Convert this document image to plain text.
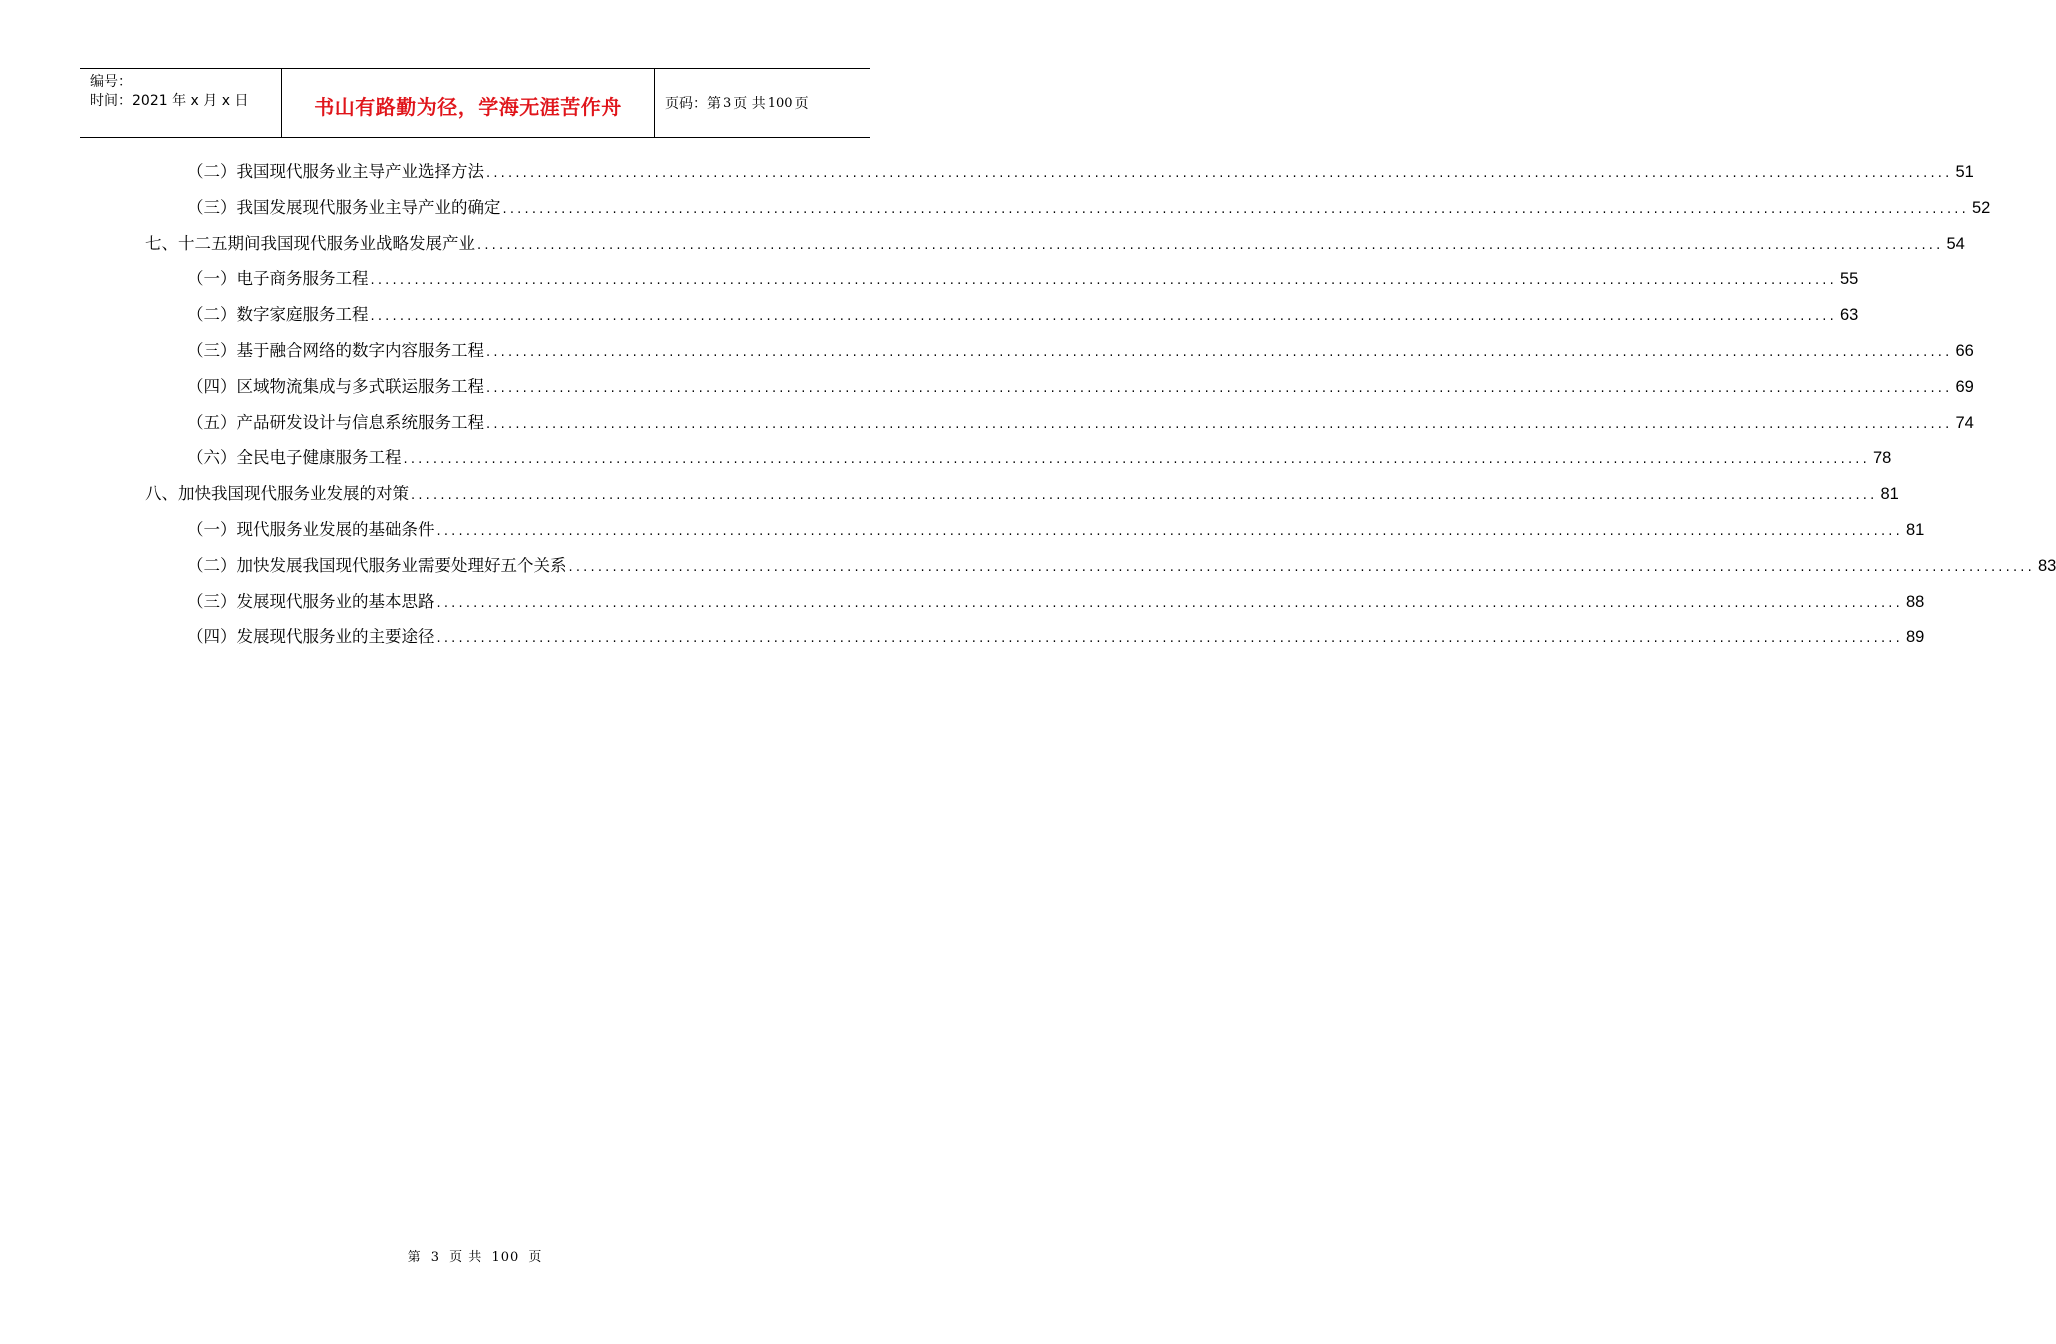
编号：
时间：2021 年 x 月 x 日	书山有路勤为径，学海无涯苦作舟	页码：第 3 页 共 100 页
（二）我国现代服务业主导产业选择方法 ........................................................................................................................................................................................................ 51
（三）我国发展现代服务业主导产业的确定 ........................................................................................................................................................................................................ 52
七、十二五期间我国现代服务业战略发展产业 ........................................................................................................................................................................................................ 54
（一）电子商务服务工程 ........................................................................................................................................................................................................ 55
（二）数字家庭服务工程 ........................................................................................................................................................................................................ 63
（三）基于融合网络的数字内容服务工程 ........................................................................................................................................................................................................ 66
（四）区域物流集成与多式联运服务工程 ........................................................................................................................................................................................................ 69
（五）产品研发设计与信息系统服务工程 ........................................................................................................................................................................................................ 74
（六）全民电子健康服务工程 ........................................................................................................................................................................................................ 78
八、加快我国现代服务业发展的对策 ........................................................................................................................................................................................................ 81
（一）现代服务业发展的基础条件 ........................................................................................................................................................................................................ 81
（二）加快发展我国现代服务业需要处理好五个关系 ........................................................................................................................................................................................................ 83
（三）发展现代服务业的基本思路 ........................................................................................................................................................................................................ 88
（四）发展现代服务业的主要途径 ........................................................................................................................................................................................................ 89
第 3 页 共 100 页
